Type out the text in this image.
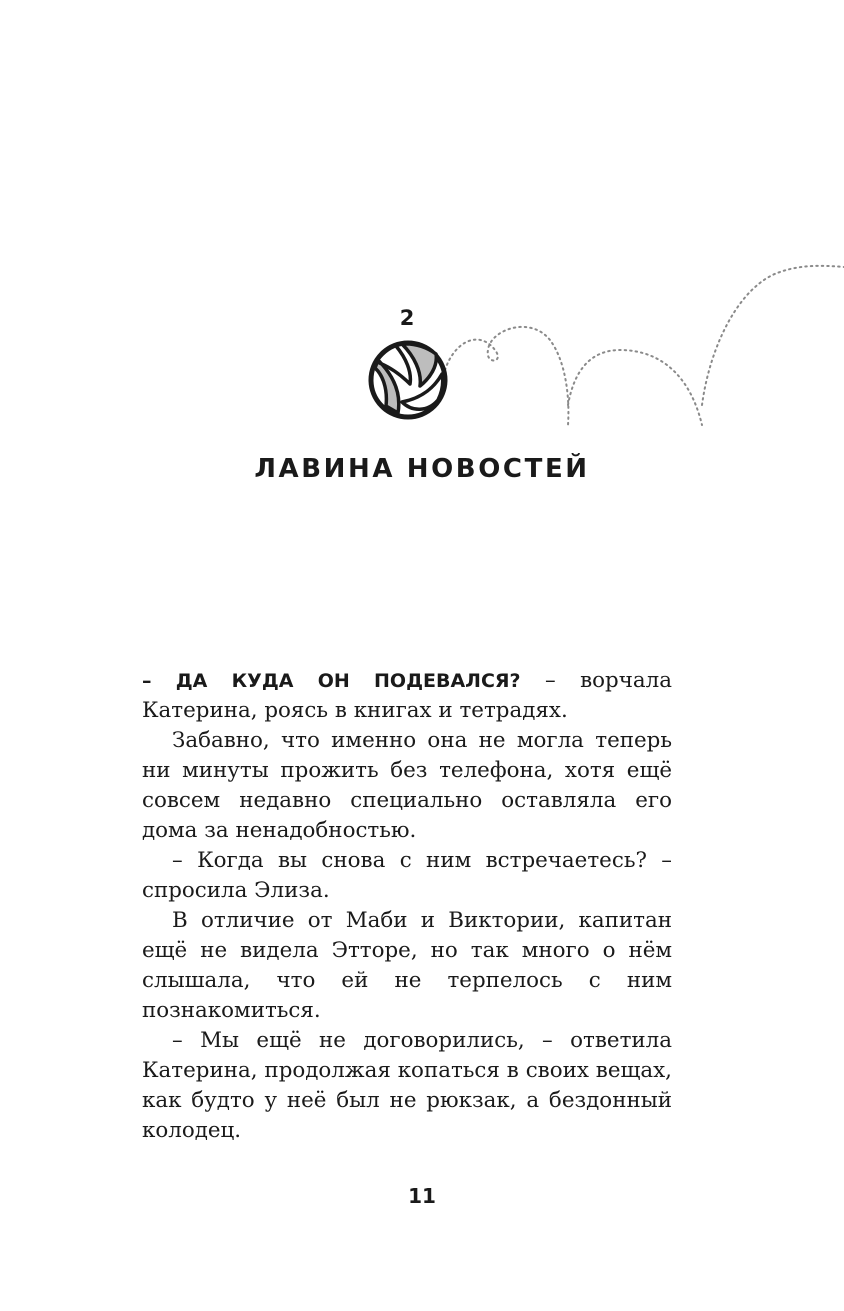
2
ЛАВИНА НОВОСТЕЙ

– ДА КУДА ОН ПОДЕВАЛСЯ? – ворчала Катерина, роясь в книгах и тетрадях.

Забавно, что именно она не могла теперь ни минуты прожить без телефона, хотя ещё совсем недавно специально оставляла его дома за ненадобностью.

– Когда вы снова с ним встречаетесь? – спросила Элиза.

В отличие от Маби и Виктории, капитан ещё не видела Этторе, но так много о нём слышала, что ей не терпелось с ним познакомиться.

– Мы ещё не договорились, – ответила Катерина, продолжая копаться в своих вещах, как будто у неё был не рюкзак, а бездонный колодец.

11
